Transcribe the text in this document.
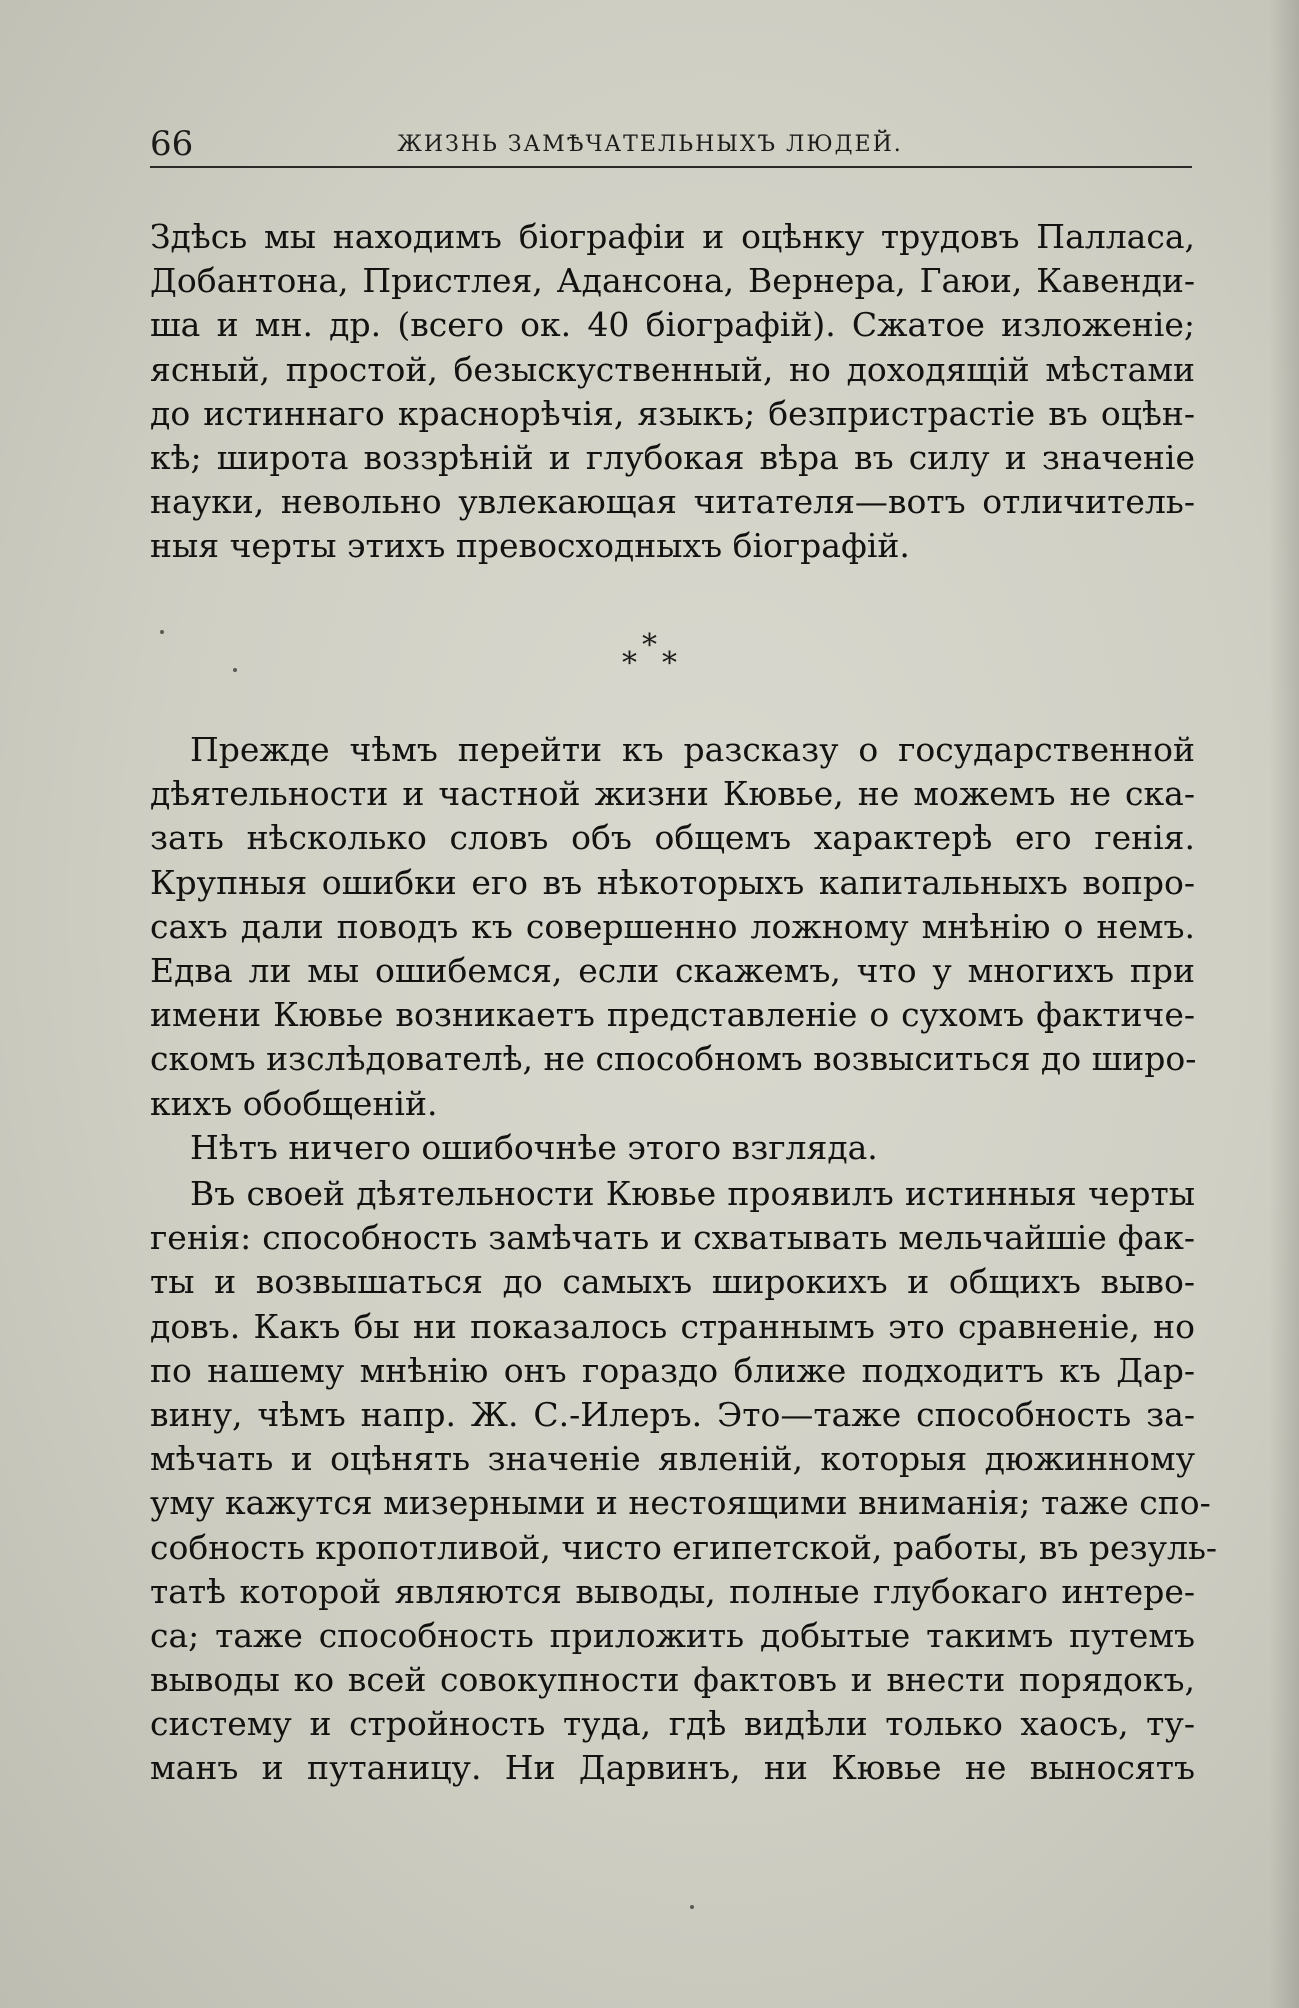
66	ЖИЗНЬ ЗАМѢЧАТЕЛЬНЫХЪ ЛЮДЕЙ.
Здѣсь мы находимъ біографіи и оцѣнку трудовъ Палласа,
Добантона, Пристлея, Адансона, Вернера, Гаюи, Кавенди-
ша и мн. др. (всего ок. 40 біографій). Сжатое изложеніе;
ясный, простой, безыскуственный, но доходящій мѣстами
до истиннаго краснорѣчія, языкъ; безпристрастіе въ оцѣн-
кѣ; широта воззрѣній и глубокая вѣра въ силу и значеніе
науки, невольно увлекающая читателя—вотъ отличитель-
ныя черты этихъ превосходныхъ біографій.
*
* *
Прежде чѣмъ перейти къ разсказу о государственной
дѣятельности и частной жизни Кювье, не можемъ не ска-
зать нѣсколько словъ объ общемъ характерѣ его генія.
Крупныя ошибки его въ нѣкоторыхъ капитальныхъ вопро-
сахъ дали поводъ къ совершенно ложному мнѣнію о немъ.
Едва ли мы ошибемся, если скажемъ, что у многихъ при
имени Кювье возникаетъ представленіе о сухомъ фактиче-
скомъ изслѣдователѣ, не способномъ возвыситься до широ-
кихъ обобщеній.
Нѣтъ ничего ошибочнѣе этого взгляда.
Въ своей дѣятельности Кювье проявилъ истинныя черты
генія: способность замѣчать и схватывать мельчайшіе фак-
ты и возвышаться до самыхъ широкихъ и общихъ выво-
довъ. Какъ бы ни показалось страннымъ это сравненіе, но
по нашему мнѣнію онъ гораздо ближе подходитъ къ Дар-
вину, чѣмъ напр. Ж. С.-Илеръ. Это—таже способность за-
мѣчать и оцѣнять значеніе явленій, которыя дюжинному
уму кажутся мизерными и нестоящими вниманія; таже спо-
собность кропотливой, чисто египетской, работы, въ резуль-
татѣ которой являются выводы, полные глубокаго интере-
са; таже способность приложить добытые такимъ путемъ
выводы ко всей совокупности фактовъ и внести порядокъ,
систему и стройность туда, гдѣ видѣли только хаосъ, ту-
манъ и путаницу. Ни Дарвинъ, ни Кювье не выносятъ
